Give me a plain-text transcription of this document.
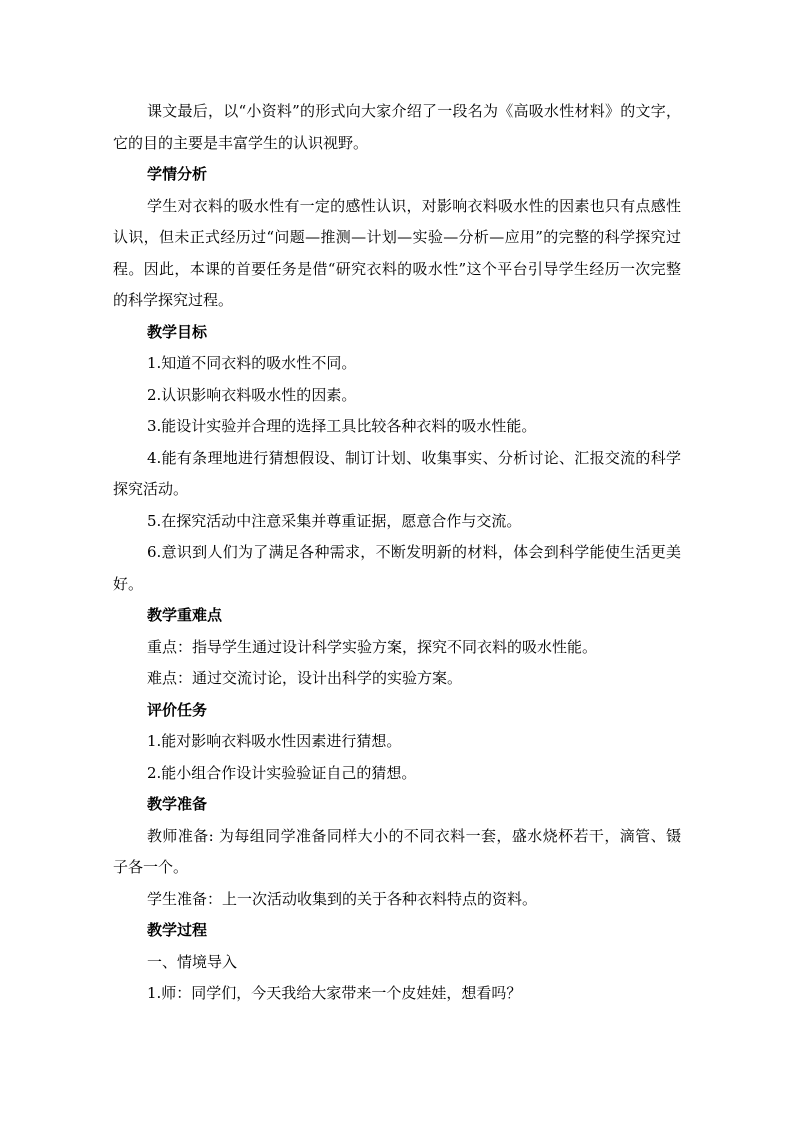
课文最后，以“小资料”的形式向大家介绍了一段名为《高吸水性材料》的文字，它的目的主要是丰富学生的认识视野。

学情分析

学生对衣料的吸水性有一定的感性认识，对影响衣料吸水性的因素也只有点感性认识，但未正式经历过“问题—推测—计划—实验—分析—应用”的完整的科学探究过程。因此，本课的首要任务是借“研究衣料的吸水性”这个平台引导学生经历一次完整的科学探究过程。

教学目标

1.知道不同衣料的吸水性不同。

2.认识影响衣料吸水性的因素。

3.能设计实验并合理的选择工具比较各种衣料的吸水性能。

4.能有条理地进行猜想假设、制订计划、收集事实、分析讨论、汇报交流的科学探究活动。

5.在探究活动中注意采集并尊重证据，愿意合作与交流。

6.意识到人们为了满足各种需求，不断发明新的材料，体会到科学能使生活更美好。

教学重难点

重点：指导学生通过设计科学实验方案，探究不同衣料的吸水性能。

难点：通过交流讨论，设计出科学的实验方案。

评价任务

1.能对影响衣料吸水性因素进行猜想。

2.能小组合作设计实验验证自己的猜想。

教学准备

教师准备: 为每组同学准备同样大小的不同衣料一套，盛水烧杯若干，滴管、镊子各一个。

学生准备：上一次活动收集到的关于各种衣料特点的资料。

教学过程

一、情境导入

1.师：同学们，今天我给大家带来一个皮娃娃，想看吗？
